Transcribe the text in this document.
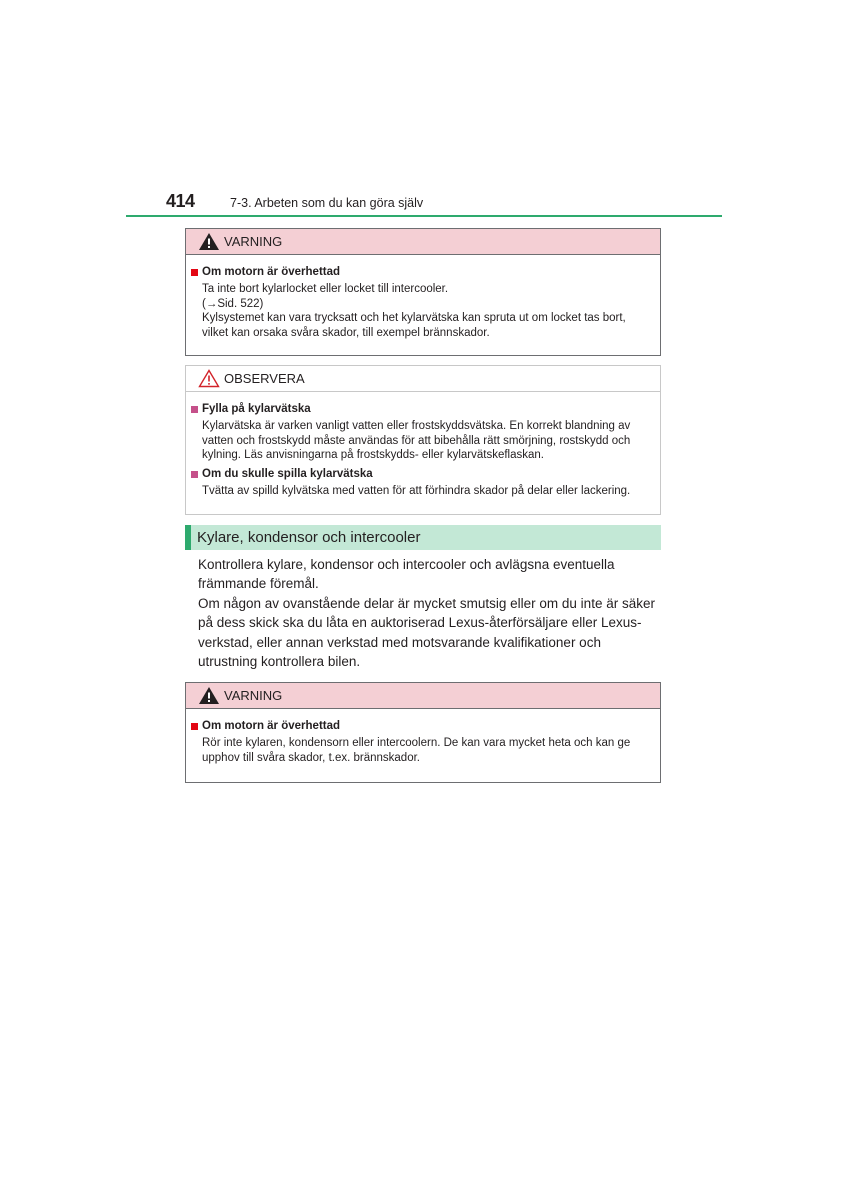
414	7-3. Arbeten som du kan göra själv
VARNING
Om motorn är överhettad
Ta inte bort kylarlocket eller locket till intercooler.
(→Sid. 522)
Kylsystemet kan vara trycksatt och het kylarvätska kan spruta ut om locket tas bort, vilket kan orsaka svåra skador, till exempel brännskador.
OBSERVERA
Fylla på kylarvätska
Kylarvätska är varken vanligt vatten eller frostskyddsvätska. En korrekt blandning av vatten och frostskydd måste användas för att bibehålla rätt smörjning, rostskydd och kylning. Läs anvisningarna på frostskydds- eller kylarvätskeflaskan.
Om du skulle spilla kylarvätska
Tvätta av spilld kylvätska med vatten för att förhindra skador på delar eller lackering.
Kylare, kondensor och intercooler
Kontrollera kylare, kondensor och intercooler och avlägsna eventuella främmande föremål.
Om någon av ovanstående delar är mycket smutsig eller om du inte är säker på dess skick ska du låta en auktoriserad Lexus-återförsäljare eller Lexus-verkstad, eller annan verkstad med motsvarande kvalifikationer och utrustning kontrollera bilen.
VARNING
Om motorn är överhettad
Rör inte kylaren, kondensorn eller intercoolern. De kan vara mycket heta och kan ge upphov till svåra skador, t.ex. brännskador.
